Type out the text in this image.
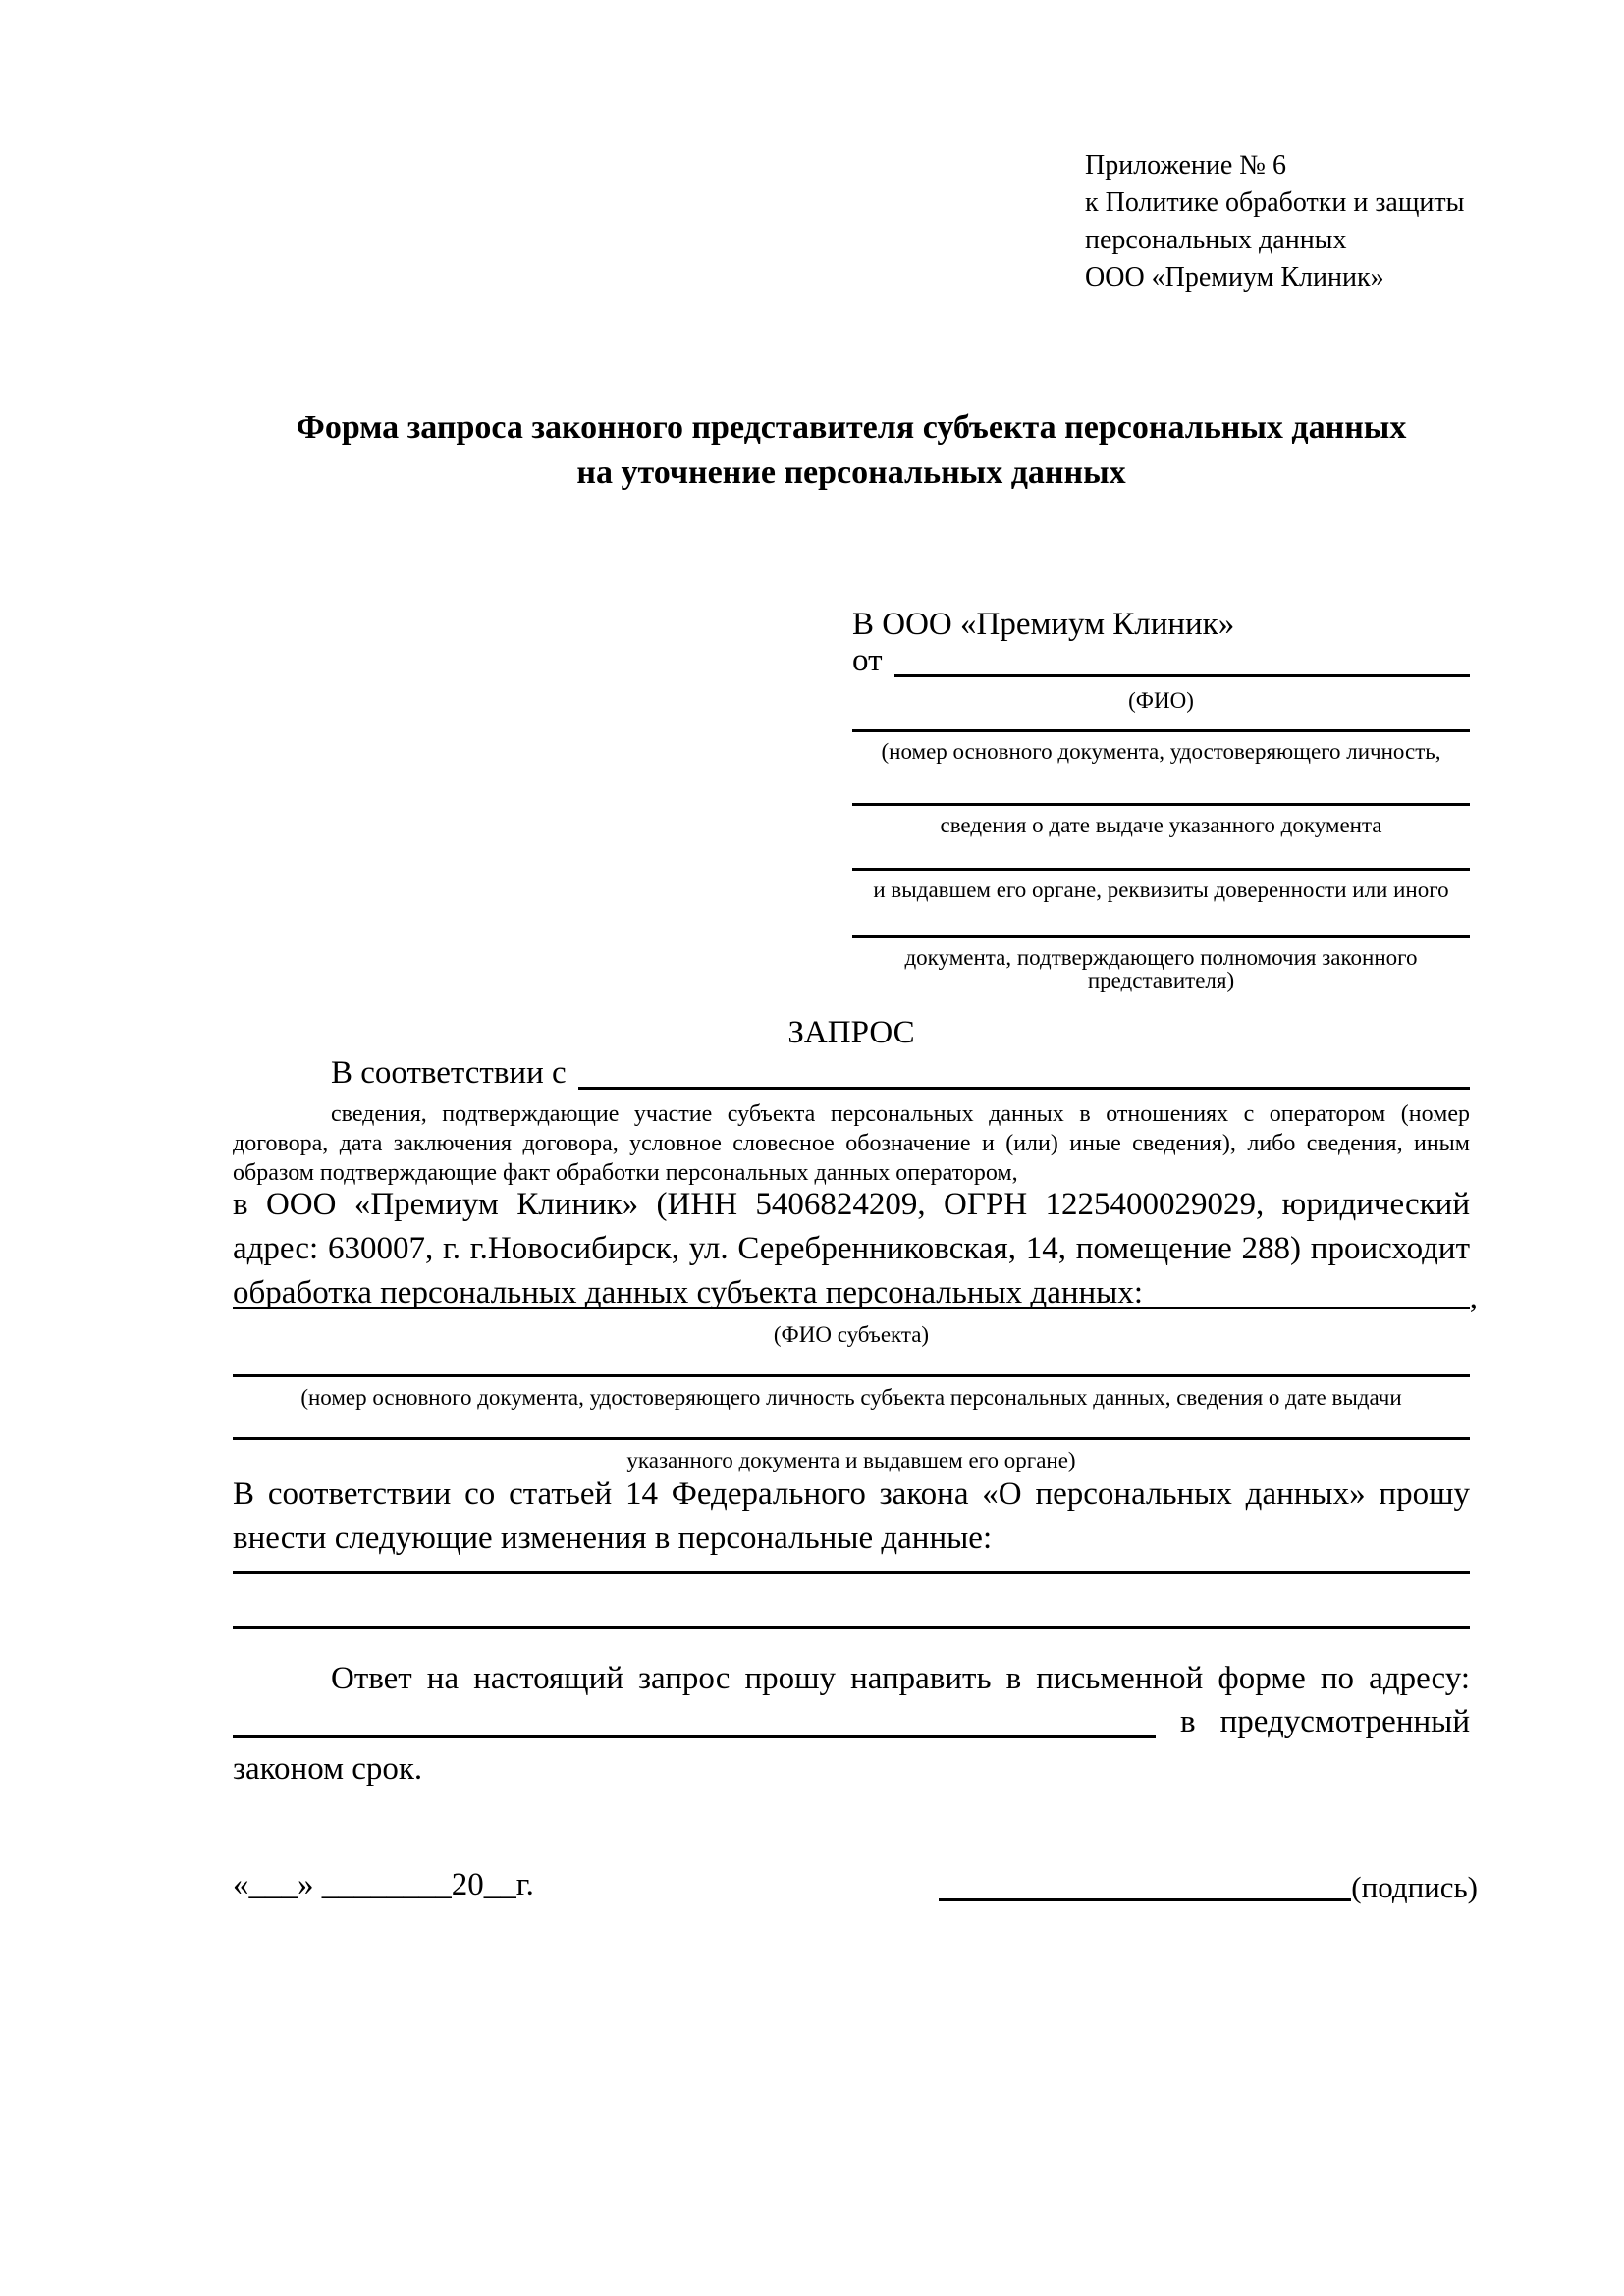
Приложение № 6
к Политике обработки и защиты
персональных данных
ООО «Премиум Клиник»
Форма запроса законного представителя субъекта персональных данных
на уточнение персональных данных
В ООО «Премиум Клиник»
от
(ФИО)
(номер основного документа, удостоверяющего личность,
сведения о дате выдаче указанного документа
и выдавшем его органе, реквизиты доверенности или иного
документа, подтверждающего полномочия законного представителя)
ЗАПРОС
В соответствии с
сведения, подтверждающие участие субъекта персональных данных в отношениях с оператором (номер договора, дата заключения договора, условное словесное обозначение и (или) иные сведения), либо сведения, иным образом подтверждающие факт обработки персональных данных оператором,
в ООО «Премиум Клиник» (ИНН 5406824209, ОГРН 1225400029029, юридический адрес: 630007, г. г.Новосибирск, ул. Серебренниковская, 14, помещение 288) происходит обработка персональных данных субъекта персональных данных:	,
(ФИО субъекта)
(номер основного документа, удостоверяющего личность субъекта персональных данных, сведения о дате выдачи
указанного документа и выдавшем его органе)
В соответствии со статьей 14 Федерального закона «О персональных данных» прошу внести следующие изменения в персональные данные:
Ответ на настоящий запрос прошу направить в письменной форме по адресу:
в предусмотренный
законом срок.
«___» ________20__г.	(подпись)
